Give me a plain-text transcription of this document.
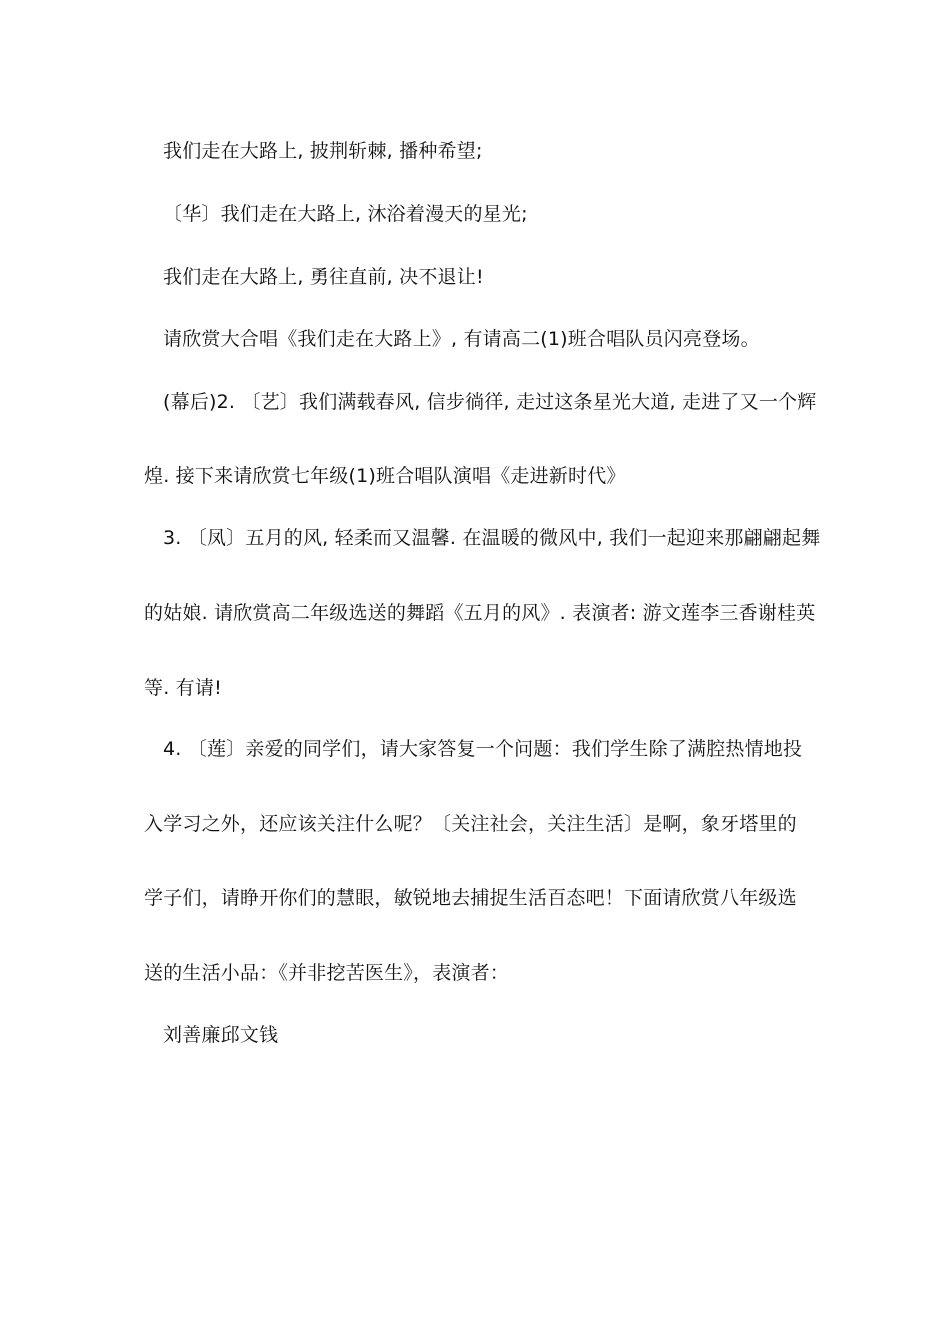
我们走在大路上, 披荆斩棘, 播种希望;
〔华〕我们走在大路上, 沐浴着漫天的星光;
我们走在大路上, 勇往直前, 决不退让!
请欣赏大合唱《我们走在大路上》, 有请高二(1)班合唱队员闪亮登场。
(幕后)2. 〔艺〕我们满载春风, 信步徜徉, 走过这条星光大道, 走进了又一个辉
煌. 接下来请欣赏七年级(1)班合唱队演唱《走进新时代》
3. 〔凤〕五月的风, 轻柔而又温馨. 在温暖的微风中, 我们一起迎来那翩翩起舞
的姑娘. 请欣赏高二年级选送的舞蹈《五月的风》. 表演者: 游文莲李三香谢桂英
等. 有请!
4. 〔莲〕亲爱的同学们，请大家答复一个问题：我们学生除了满腔热情地投
入学习之外，还应该关注什么呢？〔关注社会，关注生活〕是啊，象牙塔里的
学子们，请睁开你们的慧眼，敏锐地去捕捉生活百态吧！下面请欣赏八年级选
送的生活小品：《并非挖苦医生》，表演者：
刘善廉邱文钱
